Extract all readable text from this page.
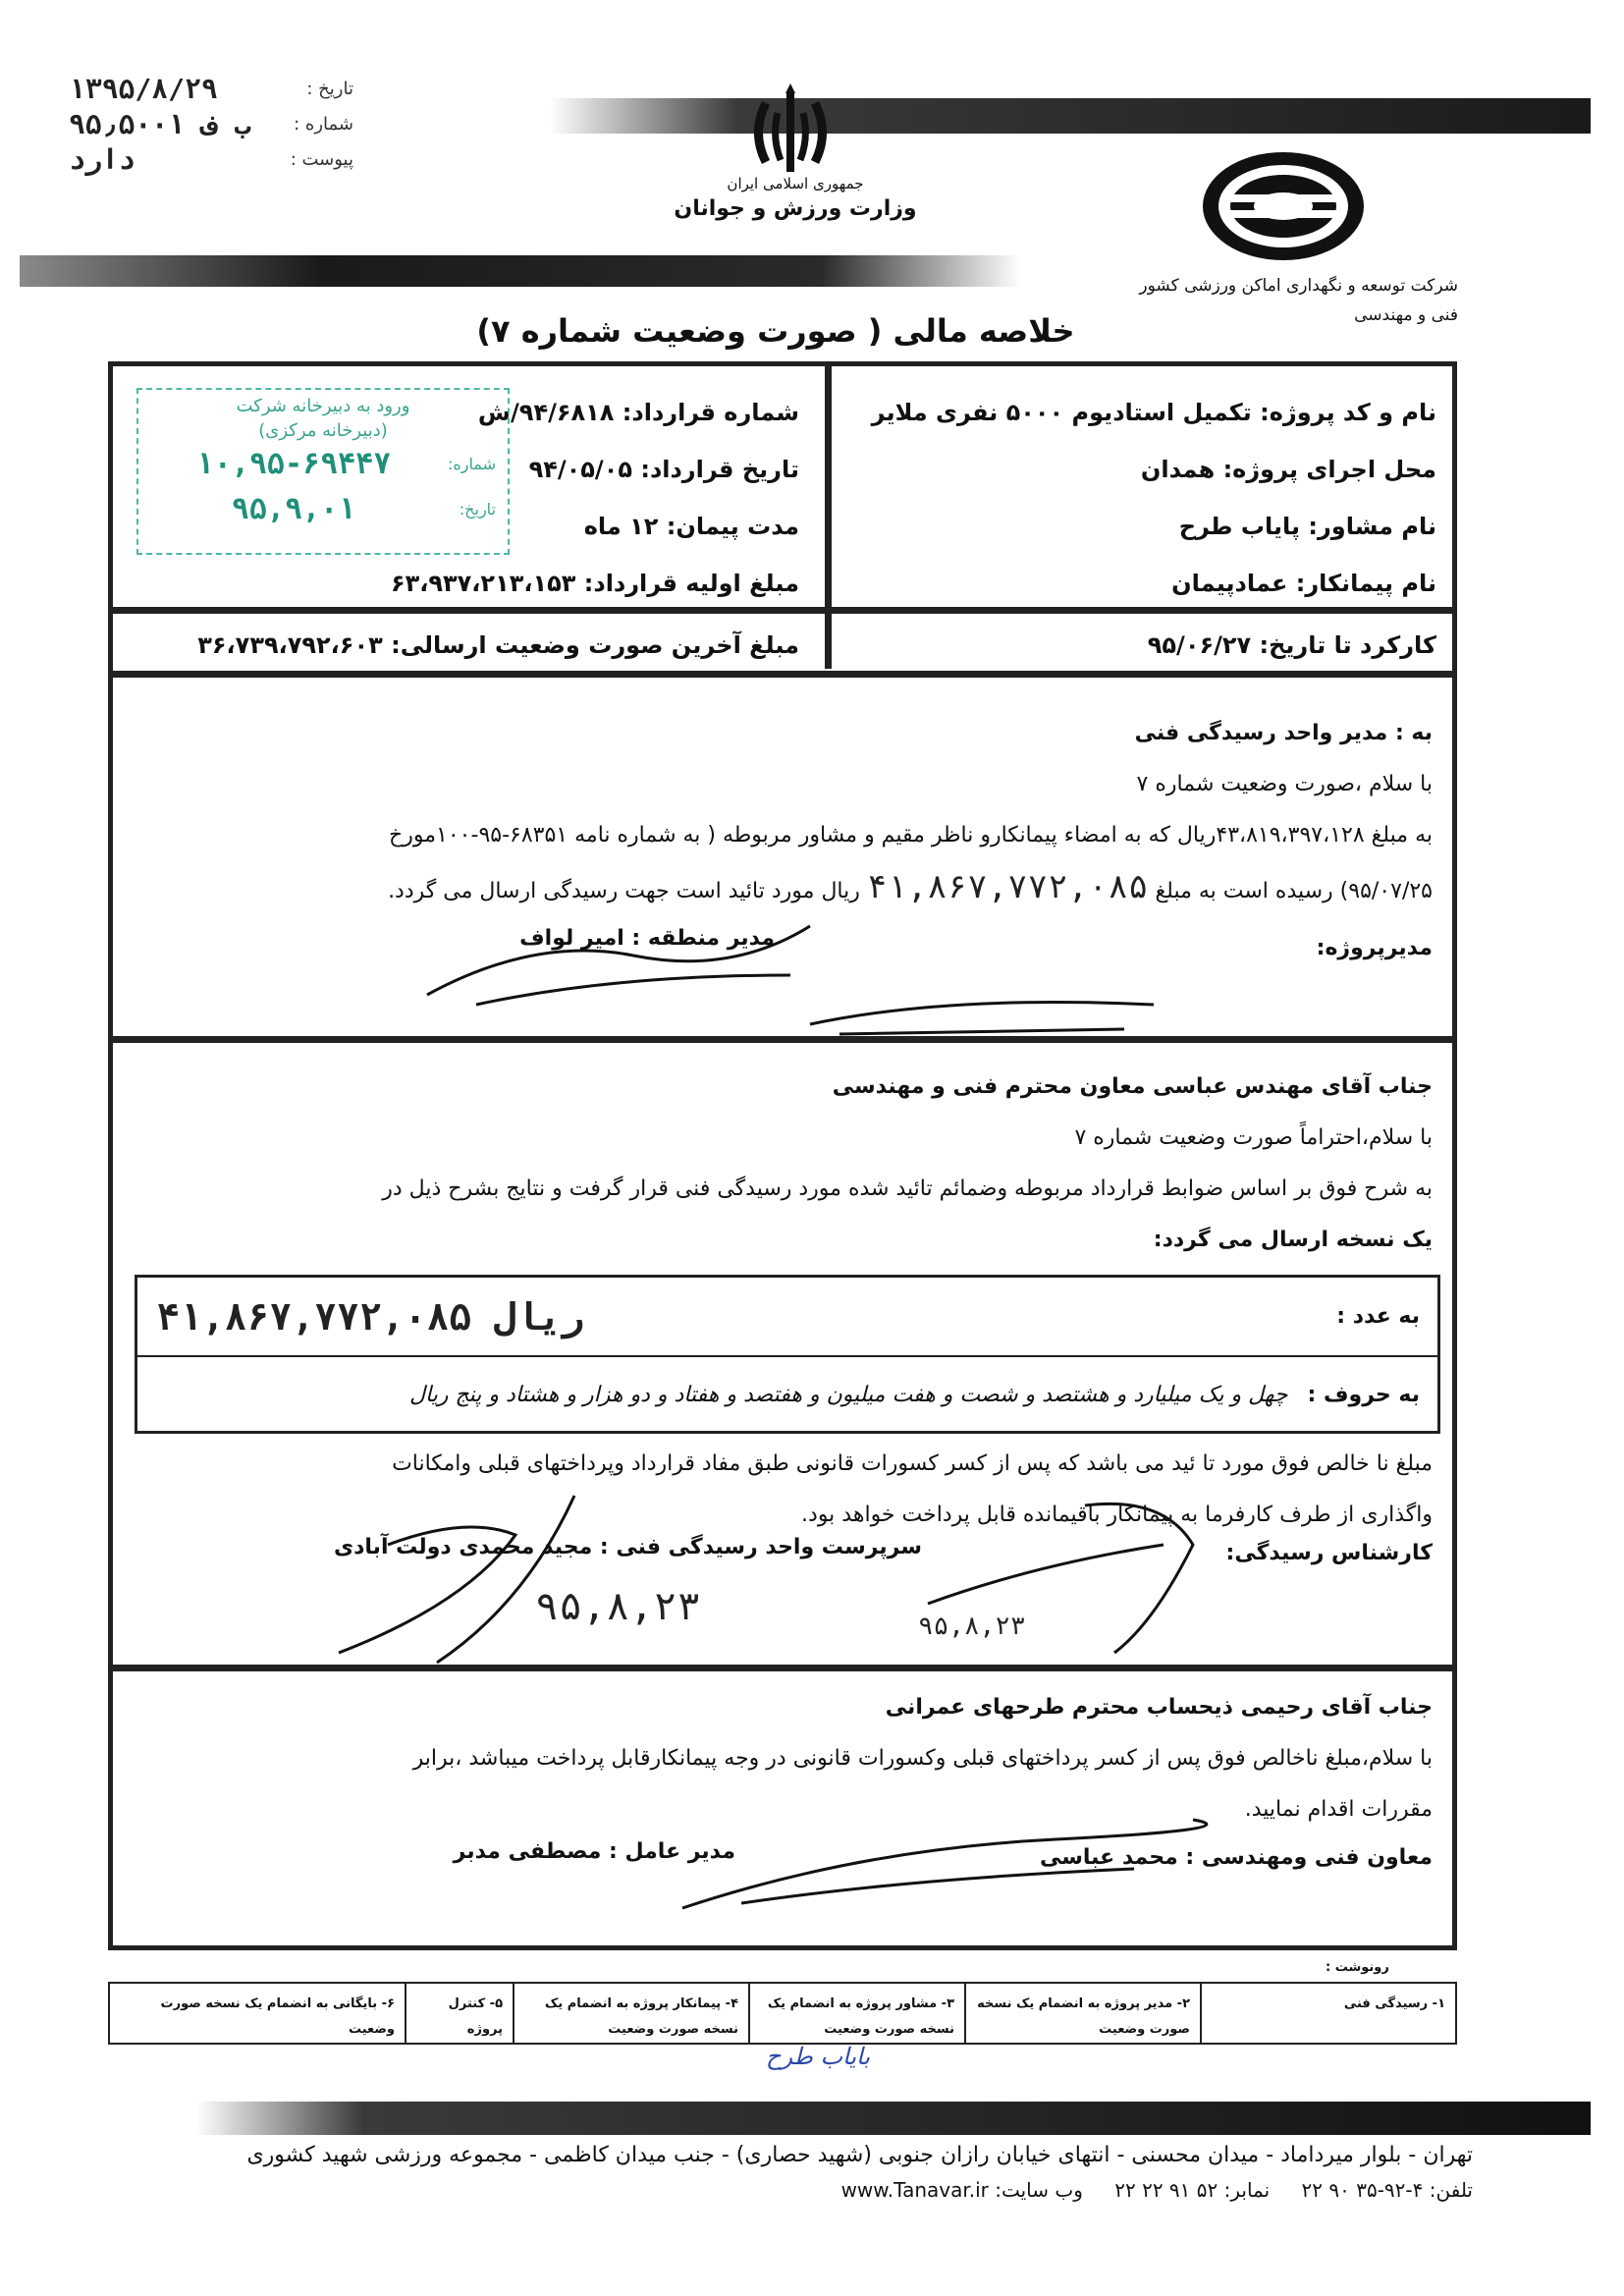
تاریخ :
۱۳۹۵/۸/۲۹
شماره :
۹۵٫۵۰۰۱ ب ف
پیوست :
دارد
جمهوری اسلامی ایران
وزارت ورزش و جوانان
شرکت توسعه و نگهداری اماکن ورزشی کشور
فنی و مهندسی
خلاصه مالی ( صورت وضعیت شماره ۷)
نام و کد پروژه: تکمیل استادیوم ۵۰۰۰ نفری ملایر
محل اجرای پروژه: همدان
نام مشاور: پایاب طرح
نام پیمانکار: عمادپیمان
شماره قرارداد: ۹۴/۶۸۱۸/ش
تاریخ قرارداد: ۹۴/۰۵/۰۵
مدت پیمان: ۱۲ ماه
مبلغ اولیه قرارداد: ۶۳،۹۳۷،۲۱۳،۱۵۳
ورود به دبیرخانه شرکت
(دبیرخانه مرکزی)
شماره:
۱۰,۹۵-۶۹۴۴۷
تاریخ:
۹۵,۹,۰۱
کارکرد تا تاریخ: ۹۵/۰۶/۲۷
مبلغ آخرین صورت وضعیت ارسالی: ۳۶،۷۳۹،۷۹۲،۶۰۳
به : مدیر واحد رسیدگی فنی
با سلام ،صورت وضعیت شماره ۷
به مبلغ ۴۳،۸۱۹،۳۹۷،۱۲۸ریال که به امضاء پیمانکارو ناظر مقیم و مشاور مربوطه ( به شماره نامه ۶۸۳۵۱-۹۵-۱۰۰مورخ
۹۵/۰۷/۲۵) رسیده است به مبلغ ۴۱,۸۶۷,۷۷۲,۰۸۵ ریال مورد تائید است جهت رسیدگی ارسال می گردد.
مدیرپروژه:
مدیر منطقه : امیر لواف
جناب آقای مهندس عباسی معاون محترم فنی و مهندسی
با سلام،احتراماً صورت وضعیت شماره ۷
به شرح فوق بر اساس ضوابط قرارداد مربوطه وضمائم تائید شده مورد رسیدگی فنی قرار گرفت و نتایج بشرح ذیل در
یک نسخه ارسال می گردد:
به عدد :
۴۱,۸۶۷,۷۷۲,۰۸۵ ریال
به حروف :
چهل و یک میلیارد و هشتصد و شصت و هفت میلیون و هفتصد و هفتاد و دو هزار و هشتاد و پنج ریال
مبلغ نا خالص فوق مورد تا ئید می باشد که پس از کسر کسورات قانونی طبق مفاد قرارداد وپرداختهای قبلی وامکانات
واگذاری از طرف کارفرما به پیمانکار باقیمانده قابل پرداخت خواهد بود.
کارشناس رسیدگی:
سرپرست واحد رسیدگی فنی : مجید محمدی دولت آبادی
۹۵,۸,۲۳	۹۵,۸,۲۳
جناب آقای رحیمی ذیحساب محترم طرحهای عمرانی
با سلام،مبلغ ناخالص فوق پس از کسر پرداختهای قبلی وکسورات قانونی در وجه پیمانکارقابل پرداخت میباشد ،برابر
مقررات اقدام نمایید.
معاون فنی ومهندسی : محمد عباسی
مدیر عامل : مصطفی مدبر
رونوشت :
۱- رسیدگی فنی
۲- مدیر پروژه به انضمام یک نسخه صورت وضعیت
۳- مشاور پروژه به انضمام یک نسخه صورت وضعیت
۴- پیمانکار پروژه به انضمام یک نسخه صورت وضعیت
۵- کنترل پروژه
۶- بایگانی به انضمام یک نسخه صورت وضعیت
بایاب طرح
تهران - بلوار میرداماد - میدان محسنی - انتهای خیابان رازان جنوبی (شهید حصاری) - جنب میدان کاظمی - مجموعه ورزشی شهید کشوری
تلفن: ۴-۹۲-۳۵ ۹۰ ۲۲ نمابر: ۵۲ ۹۱ ۲۲ ۲۲ وب سایت: www.Tanavar.ir
